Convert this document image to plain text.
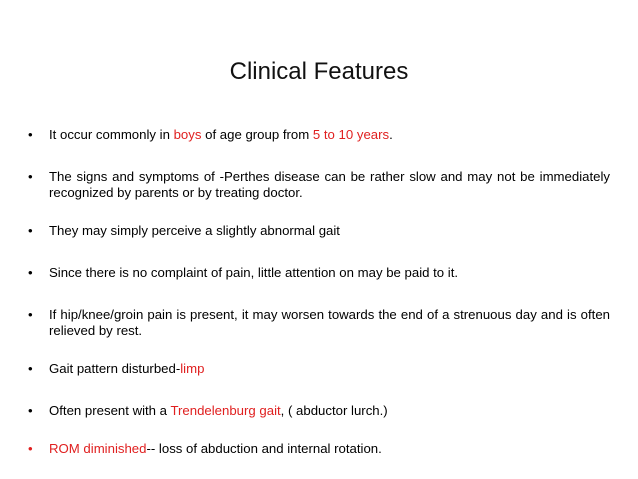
Clinical Features
•	It occur commonly in boys of age group from 5 to 10 years.
•	The signs and symptoms of -Perthes disease can be rather slow and may not be immediately recognized by parents or by treating doctor.
•	They may simply perceive a slightly abnormal gait
•	Since there is no complaint of pain, little attention on may be paid to it.
•	If hip/knee/groin pain is present, it may worsen towards the end of a strenuous day and is often relieved by rest.
•	Gait pattern disturbed-limp
•	Often present with a Trendelenburg gait, ( abductor lurch.)
•	ROM diminished-- loss of abduction and internal rotation.
